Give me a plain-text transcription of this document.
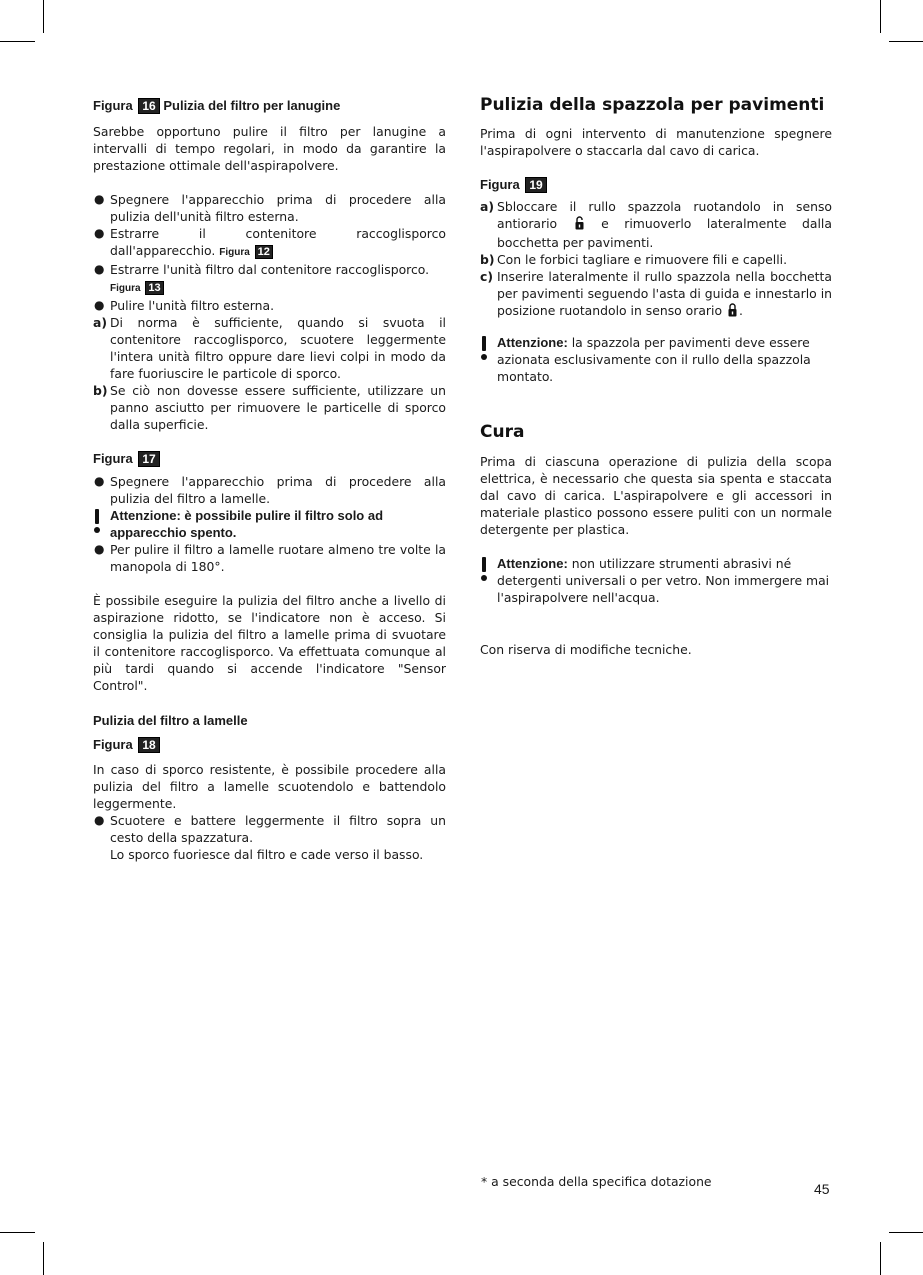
Figura 16 Pulizia del filtro per lanugine

Sarebbe opportuno pulire il filtro per lanugine a intervalli di tempo regolari, in modo da garantire la prestazione ottimale dell'aspirapolvere.

● Spegnere l'apparecchio prima di procedere alla pulizia dell'unità filtro esterna.
● Estrarre il contenitore raccoglisporco dall'apparecchio. Figura 12
● Estrarre l'unità filtro dal contenitore raccoglisporco.
Figura 13
● Pulire l'unità filtro esterna.
a) Di norma è sufficiente, quando si svuota il contenitore raccoglisporco, scuotere leggermente l'intera unità filtro oppure dare lievi colpi in modo da fare fuoriuscire le particole di sporco.
b) Se ciò non dovesse essere sufficiente, utilizzare un panno asciutto per rimuovere le particelle di sporco dalla superficie.
Figura 17
● Spegnere l'apparecchio prima di procedere alla pulizia del filtro a lamelle.
Attenzione: è possibile pulire il filtro solo ad apparecchio spento.
● Per pulire il filtro a lamelle ruotare almeno tre volte la manopola di 180°.

È possibile eseguire la pulizia del filtro anche a livello di aspirazione ridotto, se l'indicatore non è acceso. Si consiglia la pulizia del filtro a lamelle prima di svuotare il contenitore raccoglisporco. Va effettuata comunque al più tardi quando si accende l'indicatore "Sensor Control".

Pulizia del filtro a lamelle
Figura 18

In caso di sporco resistente, è possibile procedere alla pulizia del filtro a lamelle scuotendolo e battendolo leggermente.

● Scuotere e battere leggermente il filtro sopra un cesto della spazzatura.
Lo sporco fuoriesce dal filtro e cade verso il basso.
Pulizia della spazzola per pavimenti

Prima di ogni intervento di manutenzione spegnere l'aspirapolvere o staccarla dal cavo di carica.

Figura 19
a) Sbloccare il rullo spazzola ruotandolo in senso antiorario	e rimuoverlo lateralmente dalla bocchetta per pavimenti.
b) Con le forbici tagliare e rimuovere fili e capelli.
c) Inserire lateralmente il rullo spazzola nella bocchetta per pavimenti seguendo l'asta di guida e innestarlo in posizione ruotandolo in senso orario .
Attenzione: la spazzola per pavimenti deve essere azionata esclusivamente con il rullo della spazzola montato.
Cura

Prima di ciascuna operazione di pulizia della scopa elettrica, è necessario che questa sia spenta e staccata dal cavo di carica. L'aspirapolvere e gli accessori in materiale plastico possono essere puliti con un normale detergente per plastica.

Attenzione: non utilizzare strumenti abrasivi né detergenti universali o per vetro. Non immergere mai l'aspirapolvere nell'acqua.

Con riserva di modifiche tecniche.

* a seconda della specifica dotazione	45
